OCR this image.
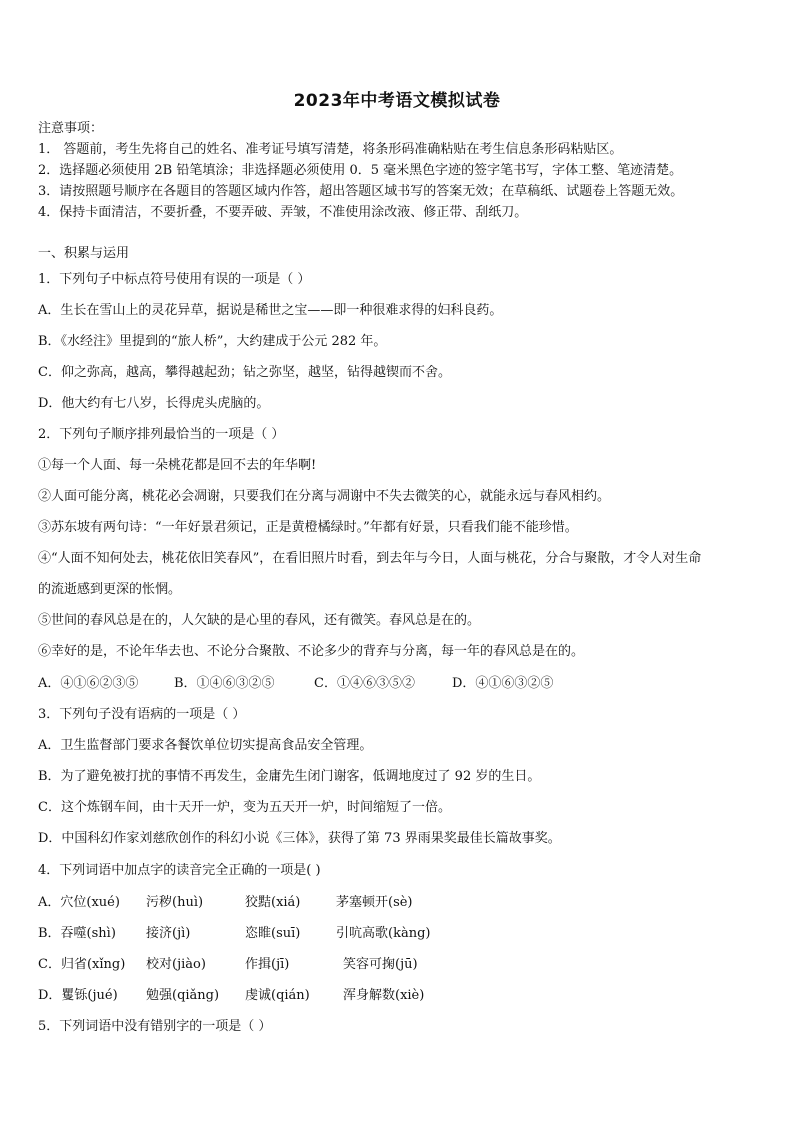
2023年中考语文模拟试卷
注意事项：
1． 答题前，考生先将自己的姓名、准考证号填写清楚，将条形码准确粘贴在考生信息条形码粘贴区。
2．选择题必须使用 2B 铅笔填涂；非选择题必须使用 0．5 毫米黑色字迹的签字笔书写，字体工整、笔迹清楚。
3．请按照题号顺序在各题目的答题区域内作答，超出答题区域书写的答案无效；在草稿纸、试题卷上答题无效。
4．保持卡面清洁，不要折叠，不要弄破、弄皱，不准使用涂改液、修正带、刮纸刀。
一、积累与运用
1．下列句子中标点符号使用有误的一项是（ ）
A．生长在雪山上的灵花异草，据说是稀世之宝——即一种很难求得的妇科良药。
B．《水经注》里提到的“旅人桥”，大约建成于公元 282 年。
C．仰之弥高，越高，攀得越起劲；钻之弥坚，越坚，钻得越锲而不舍。
D．他大约有七八岁，长得虎头虎脑的。
2．下列句子顺序排列最恰当的一项是（ ）
①每一个人面、每一朵桃花都是回不去的年华啊!
②人面可能分离，桃花必会凋谢，只要我们在分离与凋谢中不失去微笑的心，就能永远与春风相约。
③苏东坡有两句诗：“一年好景君须记，正是黄橙橘绿时。”年都有好景，只看我们能不能珍惜。
④“人面不知何处去，桃花依旧笑春风”，在看旧照片时看，到去年与今日，人面与桃花，分合与聚散，才令人对生命
的流逝感到更深的怅惘。
⑤世间的春风总是在的，人欠缺的是心里的春风，还有微笑。春风总是在的。
⑥幸好的是，不论年华去也、不论分合聚散、不论多少的背弃与分离，每一年的春风总是在的。
A．④①⑥②③⑤	B．①④⑥③②⑤	C．①④⑥③⑤②	D．④①⑥③②⑤
3．下列句子没有语病的一项是（ ）
A．卫生监督部门要求各餐饮单位切实提高食品安全管理。
B．为了避免被打扰的事情不再发生，金庸先生闭门谢客，低调地度过了 92 岁的生日。
C．这个炼钢车间，由十天开一炉，变为五天开一炉，时间缩短了一倍。
D．中国科幻作家刘慈欣创作的科幻小说《三体》，获得了第 73 界雨果奖最佳长篇故事奖。
4．下列词语中加点字的读音完全正确的一项是( )
A．穴位(xué) 污秽(huì)	狡黠(xiá)	茅塞顿开(sè)
B．吞噬(shì) 接济(jì)	恣睢(suī)	引吭高歌(kàng)
C．归省(xǐng) 校对(jiào)	作揖(jī)	笑容可掬(jū)
D．矍铄(jué) 勉强(qiǎng) 虔诚(qián)	浑身解数(xiè)
5．下列词语中没有错别字的一项是（ ）
